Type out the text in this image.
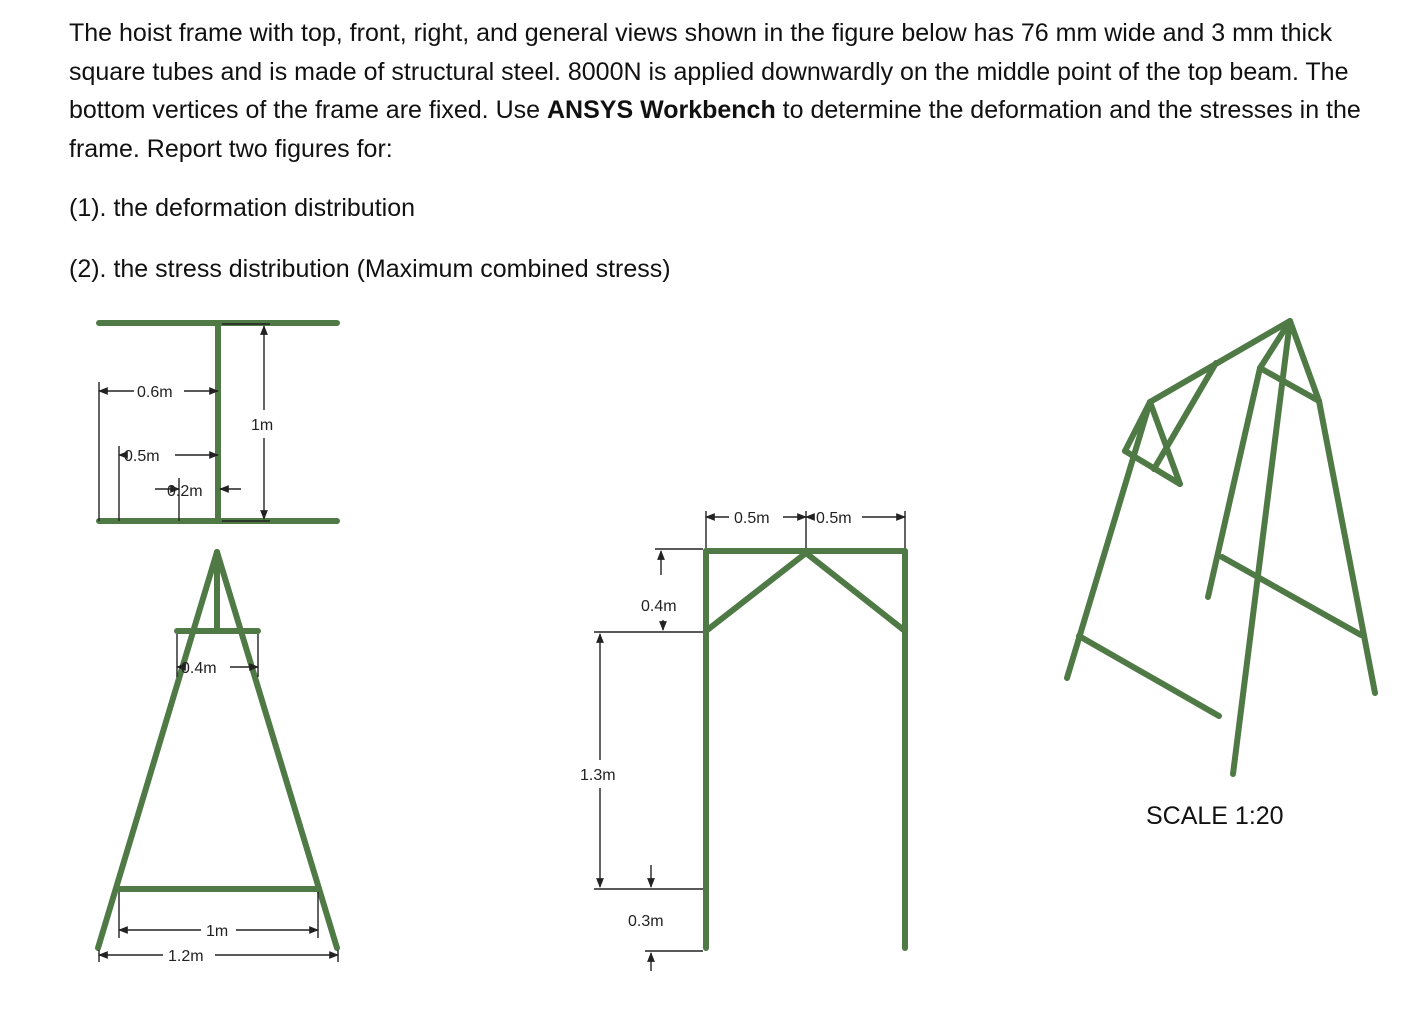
The hoist frame with top, front, right, and general views shown in the figure below has 76 mm wide and 3 mm thick square tubes and is made of structural steel. 8000N is applied downwardly on the middle point of the top beam. The bottom vertices of the frame are fixed. Use ANSYS Workbench to determine the deformation and the stresses in the frame. Report two figures for:

(1). the deformation distribution

(2). the stress distribution (Maximum combined stress)

0.6m
0.5m
0.2m
1m
0.4m
1m
1.2m
0.5m	0.5m
0.4m
1.3m
0.3m
SCALE 1:20
